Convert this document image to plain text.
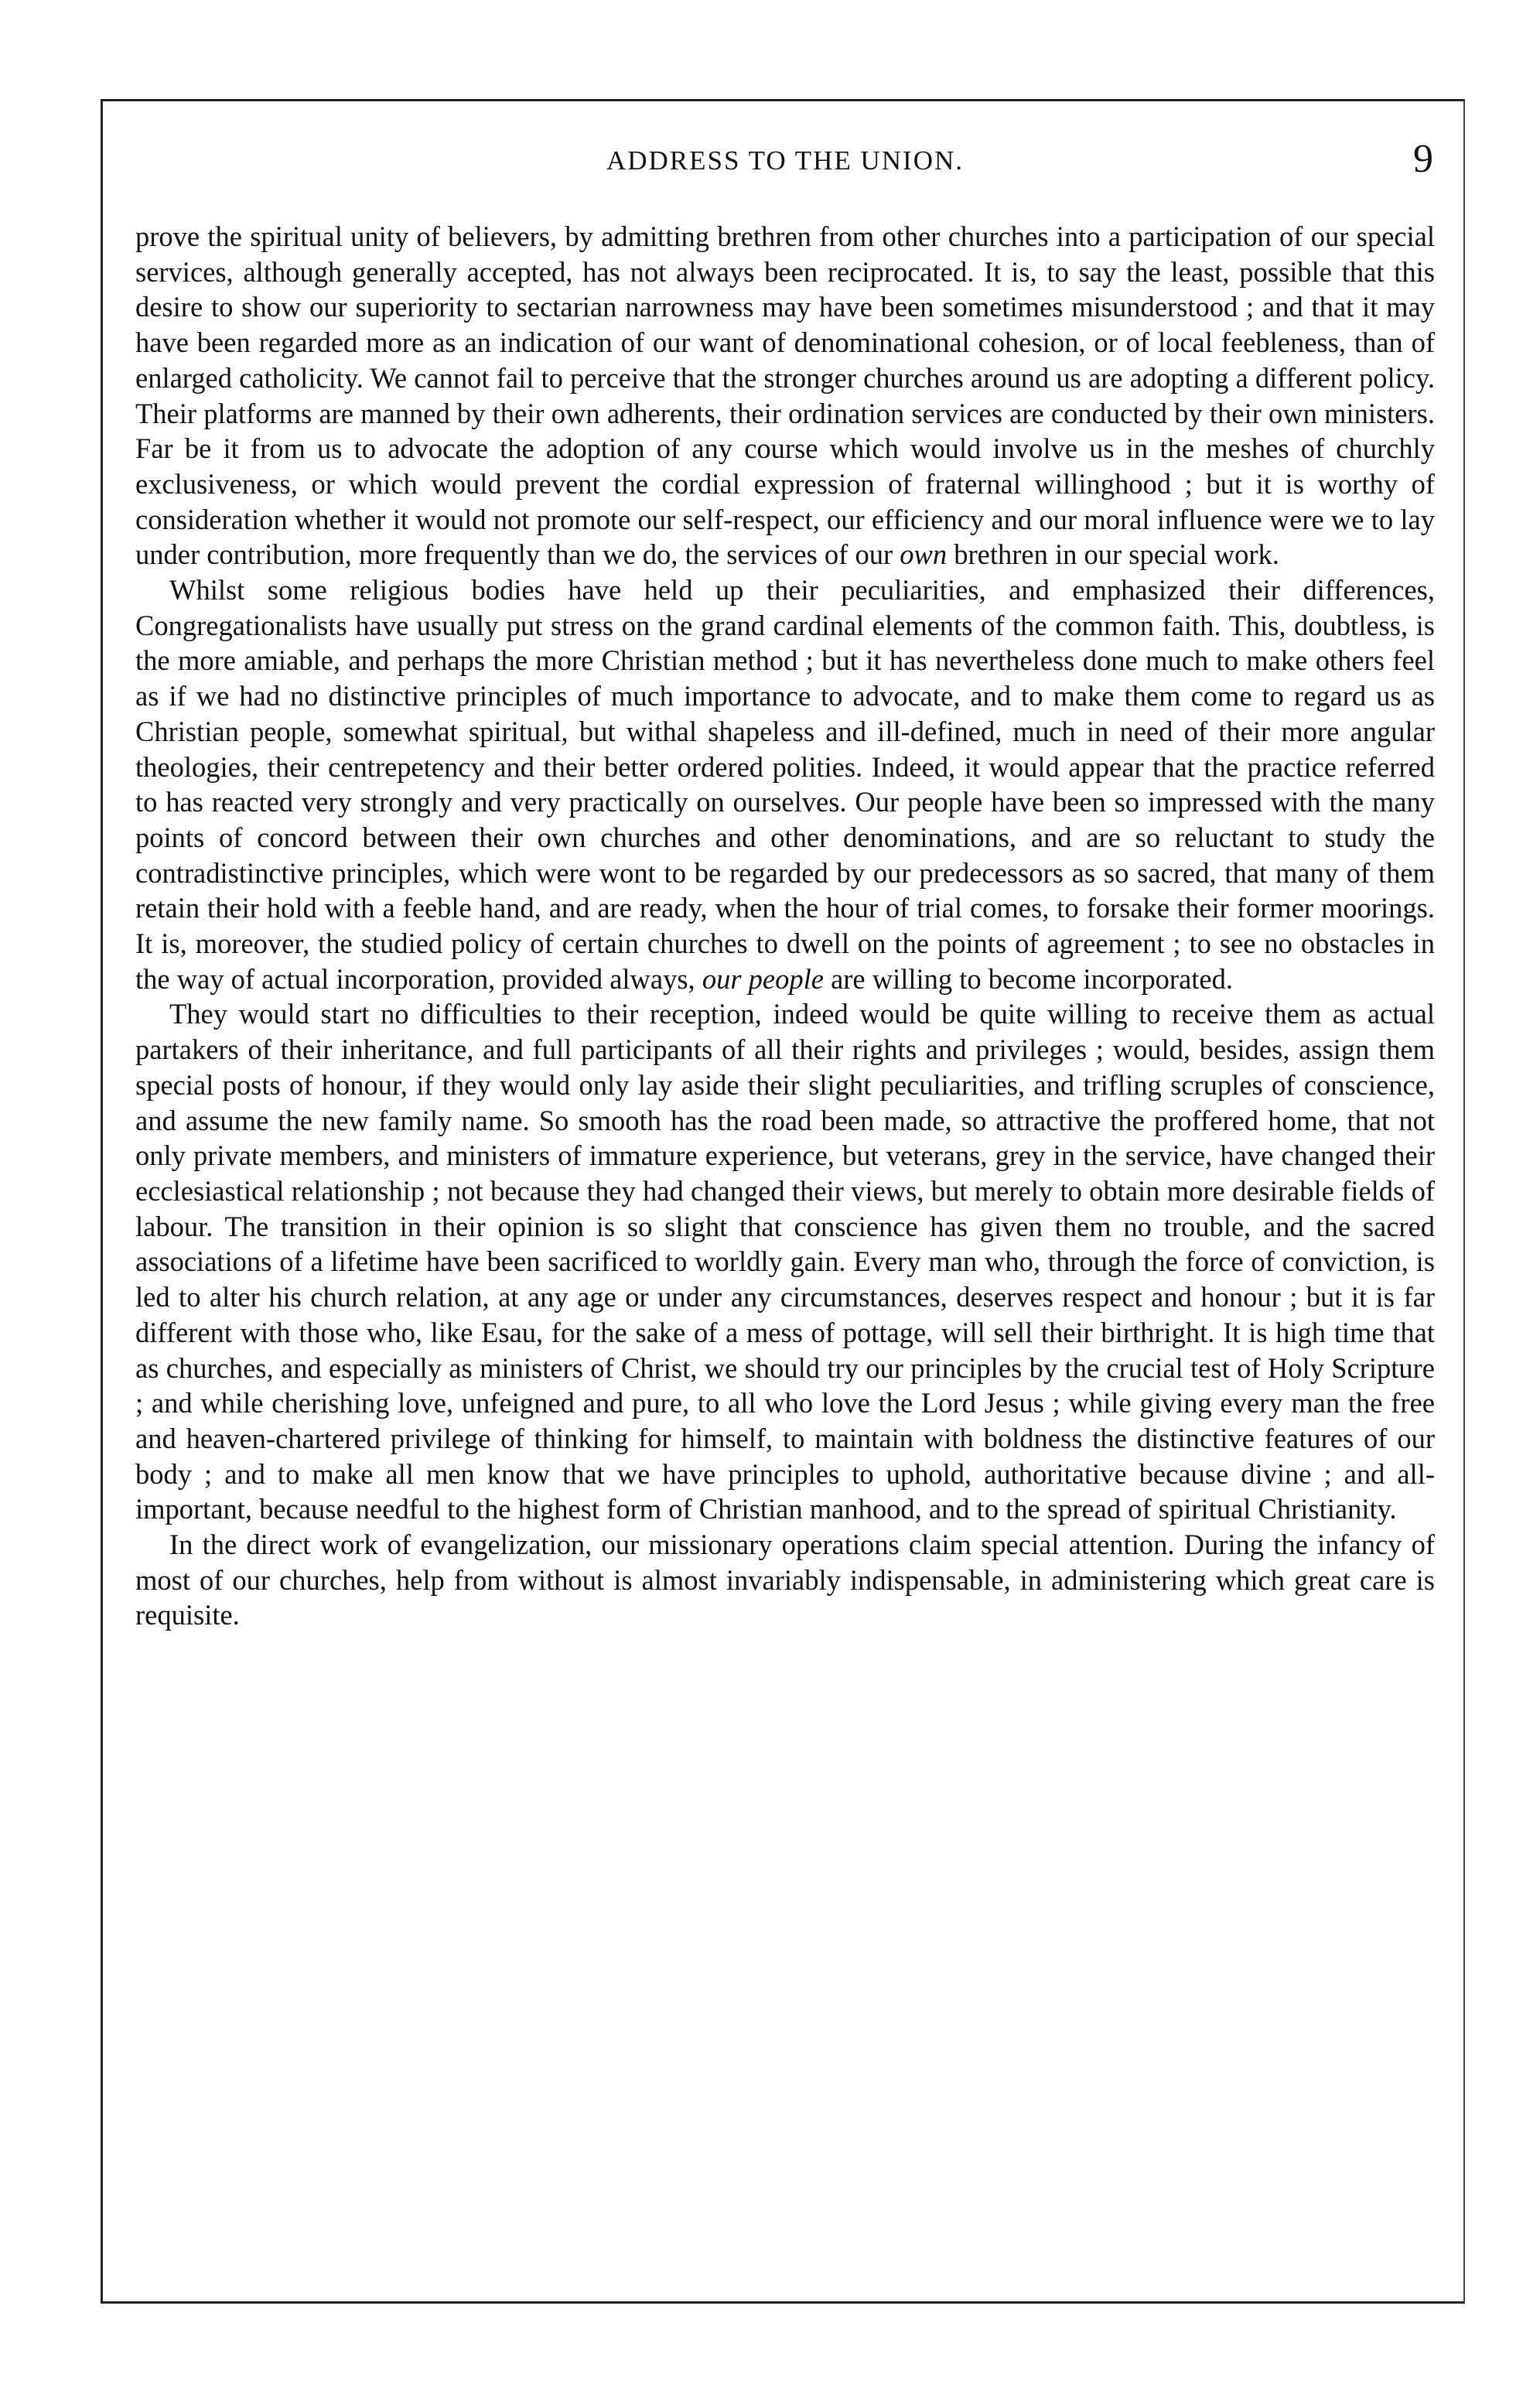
ADDRESS TO THE UNION.	9

prove the spiritual unity of believers, by admitting brethren from other churches into a participation of our special services, although generally accepted, has not always been reciprocated. It is, to say the least, possible that this desire to show our superiority to sectarian narrowness may have been sometimes misunderstood ; and that it may have been regarded more as an indication of our want of denominational cohesion, or of local feebleness, than of enlarged catholicity. We cannot fail to perceive that the stronger churches around us are adopting a different policy. Their platforms are manned by their own adherents, their ordination services are conducted by their own ministers. Far be it from us to advocate the adoption of any course which would involve us in the meshes of churchly exclusiveness, or which would prevent the cordial expression of fraternal willinghood ; but it is worthy of consideration whether it would not promote our self-respect, our efficiency and our moral influence were we to lay under contribution, more frequently than we do, the services of our own brethren in our special work.

Whilst some religious bodies have held up their peculiarities, and emphasized their differences, Congregationalists have usually put stress on the grand cardinal elements of the common faith. This, doubtless, is the more amiable, and perhaps the more Christian method ; but it has nevertheless done much to make others feel as if we had no distinctive principles of much importance to advocate, and to make them come to regard us as Christian people, somewhat spiritual, but withal shapeless and ill-defined, much in need of their more angular theologies, their centrepetency and their better ordered polities. Indeed, it would appear that the practice referred to has reacted very strongly and very practically on ourselves. Our people have been so impressed with the many points of concord between their own churches and other denominations, and are so reluctant to study the contradistinctive principles, which were wont to be regarded by our predecessors as so sacred, that many of them retain their hold with a feeble hand, and are ready, when the hour of trial comes, to forsake their former moorings. It is, moreover, the studied policy of certain churches to dwell on the points of agreement ; to see no obstacles in the way of actual incorporation, provided always, our people are willing to become incorporated.

They would start no difficulties to their reception, indeed would be quite willing to receive them as actual partakers of their inheritance, and full participants of all their rights and privileges ; would, besides, assign them special posts of honour, if they would only lay aside their slight peculiarities, and trifling scruples of conscience, and assume the new family name. So smooth has the road been made, so attractive the proffered home, that not only private members, and ministers of immature experience, but veterans, grey in the service, have changed their ecclesiastical relationship ; not because they had changed their views, but merely to obtain more desirable fields of labour. The transition in their opinion is so slight that conscience has given them no trouble, and the sacred associations of a lifetime have been sacrificed to worldly gain. Every man who, through the force of conviction, is led to alter his church relation, at any age or under any circumstances, deserves respect and honour ; but it is far different with those who, like Esau, for the sake of a mess of pottage, will sell their birthright. It is high time that as churches, and especially as ministers of Christ, we should try our principles by the crucial test of Holy Scripture ; and while cherishing love, unfeigned and pure, to all who love the Lord Jesus ; while giving every man the free and heaven-chartered privilege of thinking for himself, to maintain with boldness the distinctive features of our body ; and to make all men know that we have principles to uphold, authoritative because divine ; and all-important, because needful to the highest form of Christian manhood, and to the spread of spiritual Christianity.

In the direct work of evangelization, our missionary operations claim special attention. During the infancy of most of our churches, help from without is almost invariably indispensable, in administering which great care is requisite.
